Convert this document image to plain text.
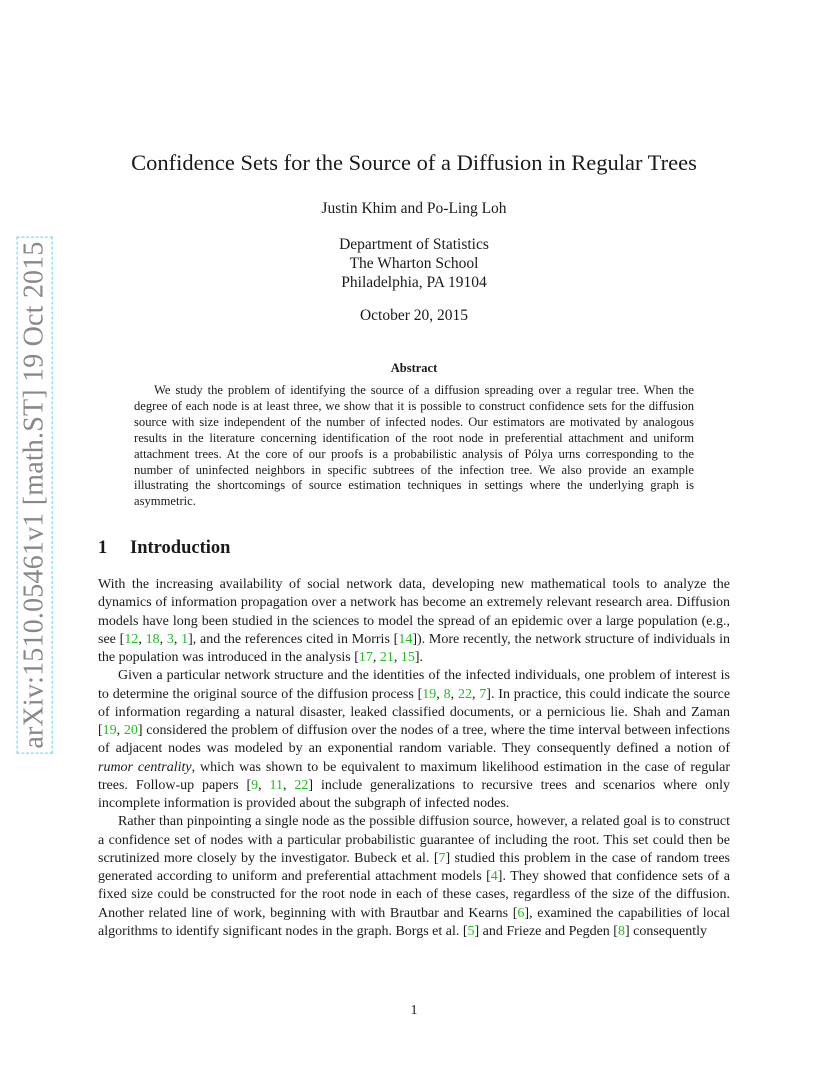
arXiv:1510.05461v1 [math.ST] 19 Oct 2015
Confidence Sets for the Source of a Diffusion in Regular Trees
Justin Khim and Po-Ling Loh
Department of Statistics
The Wharton School
Philadelphia, PA 19104
October 20, 2015
Abstract
We study the problem of identifying the source of a diffusion spreading over a regular tree. When the degree of each node is at least three, we show that it is possible to construct confidence sets for the diffusion source with size independent of the number of infected nodes. Our estimators are motivated by analogous results in the literature concerning identification of the root node in preferential attachment and uniform attachment trees. At the core of our proofs is a probabilistic analysis of Pólya urns corresponding to the number of uninfected neighbors in specific subtrees of the infection tree. We also provide an example illustrating the shortcomings of source estimation techniques in settings where the underlying graph is asymmetric.
1 Introduction

With the increasing availability of social network data, developing new mathematical tools to analyze the dynamics of information propagation over a network has become an extremely relevant research area. Diffusion models have long been studied in the sciences to model the spread of an epidemic over a large population (e.g., see [12, 18, 3, 1], and the references cited in Morris [14]). More recently, the network structure of individuals in the population was introduced in the analysis [17, 21, 15].

Given a particular network structure and the identities of the infected individuals, one problem of interest is to determine the original source of the diffusion process [19, 8, 22, 7]. In practice, this could indicate the source of information regarding a natural disaster, leaked classified documents, or a pernicious lie. Shah and Zaman [19, 20] considered the problem of diffusion over the nodes of a tree, where the time interval between infections of adjacent nodes was modeled by an exponential random variable. They consequently defined a notion of rumor centrality, which was shown to be equivalent to maximum likelihood estimation in the case of regular trees. Follow-up papers [9, 11, 22] include generalizations to recursive trees and scenarios where only incomplete information is provided about the subgraph of infected nodes.

Rather than pinpointing a single node as the possible diffusion source, however, a related goal is to construct a confidence set of nodes with a particular probabilistic guarantee of including the root. This set could then be scrutinized more closely by the investigator. Bubeck et al. [7] studied this problem in the case of random trees generated according to uniform and preferential attachment models [4]. They showed that confidence sets of a fixed size could be constructed for the root node in each of these cases, regardless of the size of the diffusion. Another related line of work, beginning with with Brautbar and Kearns [6], examined the capabilities of local algorithms to identify significant nodes in the graph. Borgs et al. [5] and Frieze and Pegden [8] consequently

1
